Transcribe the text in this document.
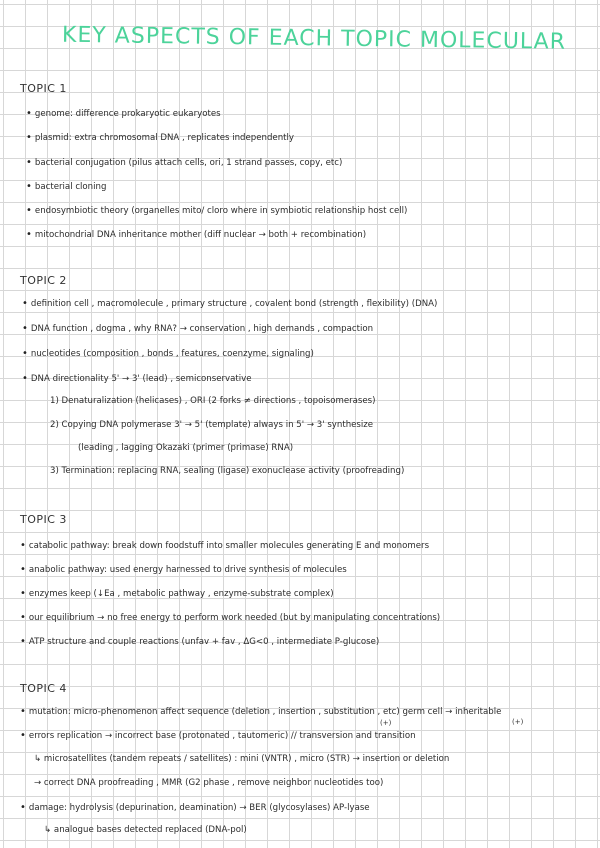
KEY ASPECTS OF EACH TOPIC MOLECULAR
TOPIC 1
• genome: difference prokaryotic eukaryotes
• plasmid: extra chromosomal DNA , replicates independently
• bacterial conjugation (pilus attach cells, ori, 1 strand passes, copy, etc)
• bacterial cloning
• endosymbiotic theory (organelles mito/ cloro where in symbiotic relationship host cell)
• mitochondrial DNA inheritance mother (diff nuclear → both + recombination)
TOPIC 2
• definition cell , macromolecule , primary structure , covalent bond (strength , flexibility) (DNA)
• DNA function , dogma , why RNA? → conservation , high demands , compaction
• nucleotides (composition , bonds , features, coenzyme, signaling)
• DNA directionality 5' → 3' (lead) , semiconservative
1) Denaturalization (helicases) , ORI (2 forks ≠ directions , topoisomerases)
2) Copying DNA polymerase 3' → 5' (template) always in 5' → 3' synthesize
(leading , lagging Okazaki (primer (primase) RNA)
3) Termination: replacing RNA, sealing (ligase) exonuclease activity (proofreading)
TOPIC 3
• catabolic pathway: break down foodstuff into smaller molecules generating E and monomers
• anabolic pathway: used energy harnessed to drive synthesis of molecules
• enzymes keep (↓Ea , metabolic pathway , enzyme-substrate complex)
• our equilibrium → no free energy to perform work needed (but by manipulating concentrations)
• ATP structure and couple reactions (unfav + fav , ΔG<0 , intermediate P-glucose)
TOPIC 4
• mutation: micro-phenomenon affect sequence (deletion , insertion , substitution , etc) germ cell → inheritable
(+)	(+)
• errors replication → incorrect base (protonated , tautomeric) // transversion and transition
↳ microsatellites (tandem repeats / satellites) : mini (VNTR) , micro (STR) → insertion or deletion
→ correct DNA proofreading , MMR (G2 phase , remove neighbor nucleotides too)
• damage: hydrolysis (depurination, deamination) → BER (glycosylases) AP-lyase
↳ analogue bases detected replaced (DNA-pol)
